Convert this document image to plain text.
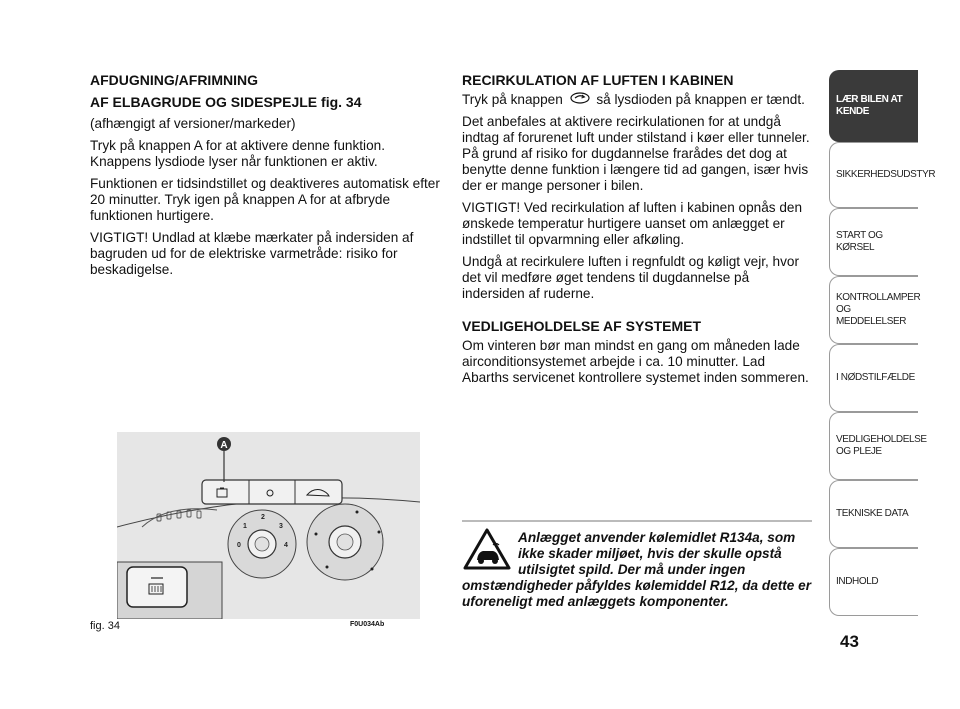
AFDUGNING/AFRIMNING

AF ELBAGRUDE OG SIDESPEJLE fig. 34

(afhængigt af versioner/markeder)

Tryk på knappen A for at aktivere denne funktion. Knappens lysdiode lyser når funktionen er aktiv.

Funktionen er tidsindstillet og deaktiveres automatisk efter 20 minutter. Tryk igen på knappen A for at afbryde funktionen hurtigere.

VIGTIGT! Undlad at klæbe mærkater på indersiden af bagruden ud for de elektriske varmetråde: risiko for beskadigelse.

RECIRKULATION AF LUFTEN I KABINEN

Tryk på knappen så lysdioden på knappen er tændt.

Det anbefales at aktivere recirkulationen for at undgå indtag af forurenet luft under stilstand i køer eller tunneler. På grund af risiko for dugdannelse frarådes det dog at benytte denne funktion i længere tid ad gangen, især hvis der er mange personer i bilen.

VIGTIGT! Ved recirkulation af luften i kabinen opnås den ønskede temperatur hurtigere uanset om anlægget er indstillet til opvarmning eller afkøling.

Undgå at recirkulere luften i regnfuldt og køligt vejr, hvor det vil medføre øget tendens til dugdannelse på indersiden af ruderne.

VEDLIGEHOLDELSE AF SYSTEMET

Om vinteren bør man mindst en gang om måneden lade airconditionsystemet arbejde i ca. 10 minutter. Lad Abarths servicenet kontrollere systemet inden sommeren.

A
0
1
2
3
4
fig. 34	F0U034Ab
Anlægget anvender kølemidlet R134a, som ikke skader miljøet, hvis der skulle opstå utilsigtet spild. Der må under ingen
omstændigheder påfyldes kølemiddel R12, da dette er uforeneligt med anlæggets komponenter.
LÆR BILEN AT KENDE
SIKKERHEDSUDSTYR
START OG KØRSEL
KONTROLLAMPER OG MEDDELELSER
I NØDSTILFÆLDE
VEDLIGEHOLDELSE OG PLEJE
TEKNISKE DATA
INDHOLD
43
